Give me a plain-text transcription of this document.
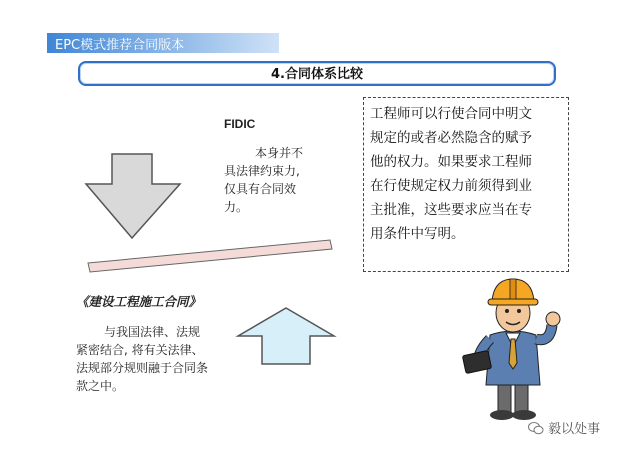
EPC模式推荐合同版本
4.合同体系比较
FIDIC
本身并不
具法律约束力,
仅具有合同效
力。
工程师可以行使合同中明文
规定的或者必然隐含的赋予
他的权力。如果要求工程师
在行使规定权力前须得到业
主批准，这些要求应当在专
用条件中写明。
《建设工程施工合同》
与我国法律、法规
紧密结合, 将有关法律、
法规部分规则融于合同条
款之中。
毅以处事
